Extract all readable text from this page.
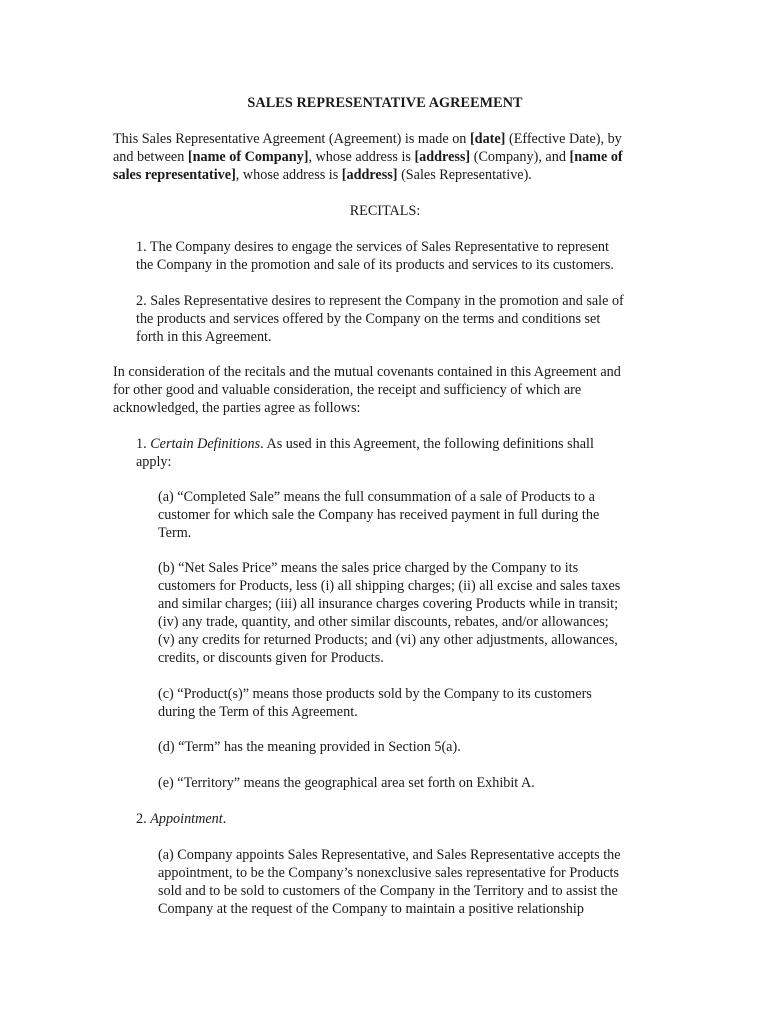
SALES REPRESENTATIVE AGREEMENT

This Sales Representative Agreement (Agreement) is made on [date] (Effective Date), by
and between [name of Company], whose address is [address] (Company), and [name of
sales representative], whose address is [address] (Sales Representative).

RECITALS:

1. The Company desires to engage the services of Sales Representative to represent
the Company in the promotion and sale of its products and services to its customers.

2. Sales Representative desires to represent the Company in the promotion and sale of
the products and services offered by the Company on the terms and conditions set
forth in this Agreement.

In consideration of the recitals and the mutual covenants contained in this Agreement and
for other good and valuable consideration, the receipt and sufficiency of which are
acknowledged, the parties agree as follows:

1. Certain Definitions. As used in this Agreement, the following definitions shall
apply:

(a) “Completed Sale” means the full consummation of a sale of Products to a
customer for which sale the Company has received payment in full during the
Term.

(b) “Net Sales Price” means the sales price charged by the Company to its
customers for Products, less (i) all shipping charges; (ii) all excise and sales taxes
and similar charges; (iii) all insurance charges covering Products while in transit;
(iv) any trade, quantity, and other similar discounts, rebates, and/or allowances;
(v) any credits for returned Products; and (vi) any other adjustments, allowances,
credits, or discounts given for Products.

(c) “Product(s)” means those products sold by the Company to its customers
during the Term of this Agreement.

(d) “Term” has the meaning provided in Section 5(a).

(e) “Territory” means the geographical area set forth on Exhibit A.

2. Appointment.

(a) Company appoints Sales Representative, and Sales Representative accepts the
appointment, to be the Company’s nonexclusive sales representative for Products
sold and to be sold to customers of the Company in the Territory and to assist the
Company at the request of the Company to maintain a positive relationship
